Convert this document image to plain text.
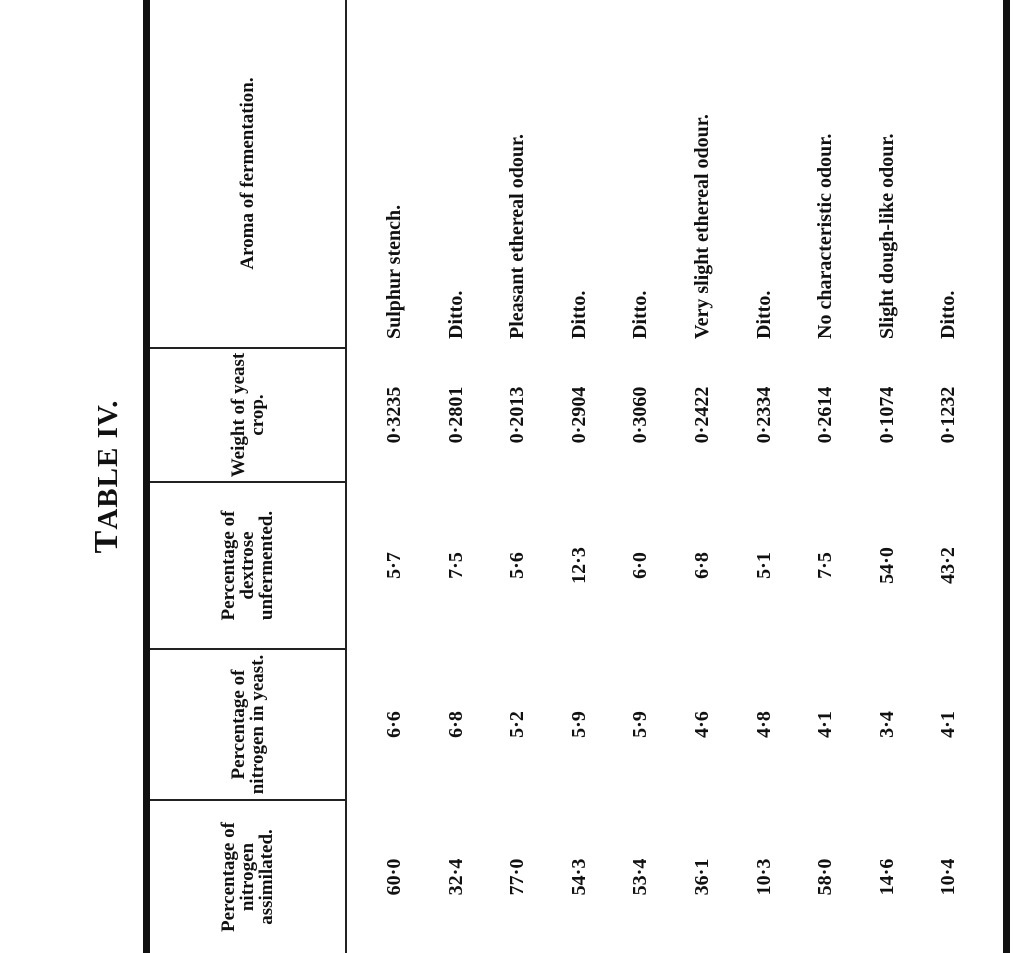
TABLE IV.
Percentage of nitrogen assimilated.
Percentage of nitrogen in yeast.
Percentage of dextrose unfermented.
Weight of yeast crop.
Aroma of fermentation.
60·0
6·6
5·7
0·3235
Sulphur stench.
32·4
6·8
7·5
0·2801
Ditto.
77·0
5·2
5·6
0·2013
Pleasant ethereal odour.
54·3
5·9
12·3
0·2904
Ditto.
53·4
5·9
6·0
0·3060
Ditto.
36·1
4·6
6·8
0·2422
Very slight ethereal odour.
10·3
4·8
5·1
0·2334
Ditto.
58·0
4·1
7·5
0·2614
No characteristic odour.
14·6
3·4
54·0
0·1074
Slight dough-like odour.
10·4
4·1
43·2
0·1232
Ditto.
